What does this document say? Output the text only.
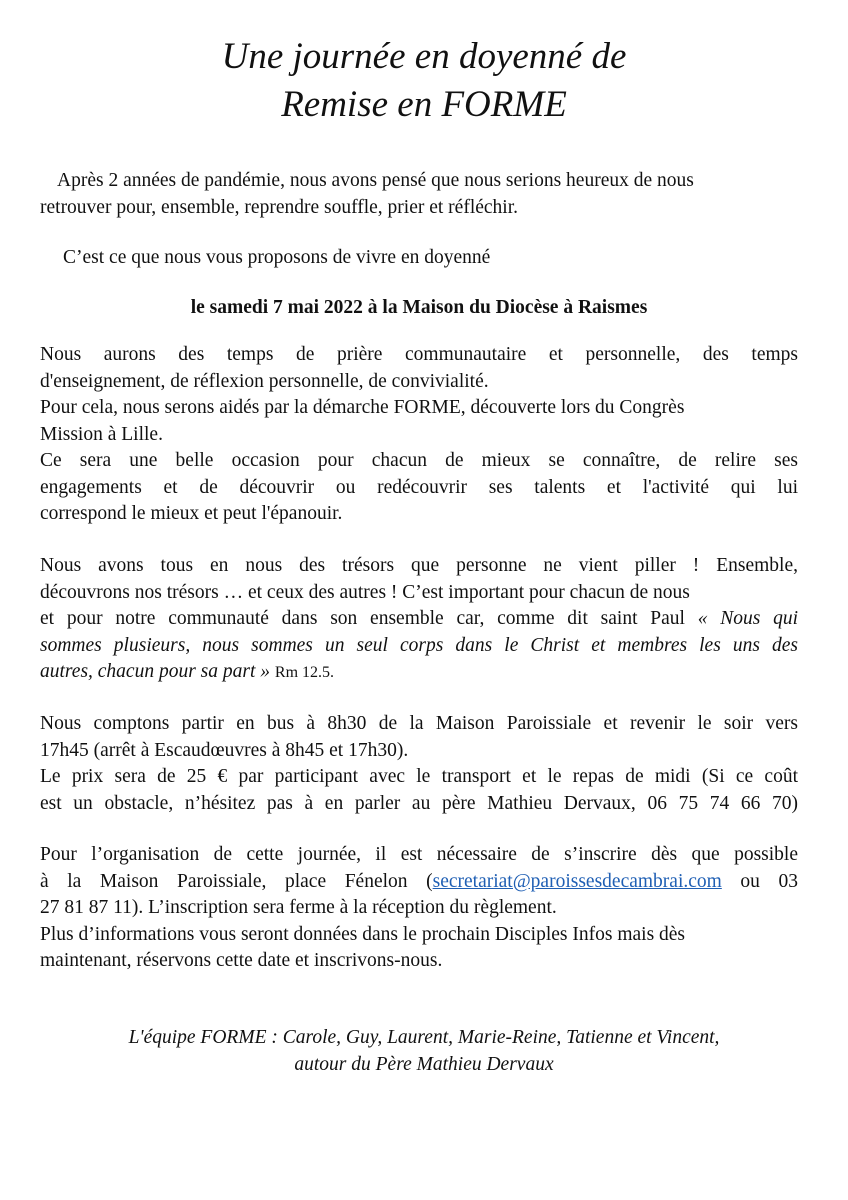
Une journée en doyenné de
Remise en FORME
Après 2 années de pandémie, nous avons pensé que nous serions heureux de nous
retrouver pour, ensemble, reprendre souffle, prier et réfléchir.
C’est ce que nous vous proposons de vivre en doyenné
le samedi 7 mai 2022 à la Maison du Diocèse à Raismes
Nous aurons des temps de prière communautaire et personnelle, des temps
d'enseignement, de réflexion personnelle, de convivialité.
Pour cela, nous serons aidés par la démarche FORME, découverte lors du Congrès
Mission à Lille.
Ce sera une belle occasion pour chacun de mieux se connaître, de relire ses
engagements et de découvrir ou redécouvrir ses talents et l'activité qui lui
correspond le mieux et peut l'épanouir.
Nous avons tous en nous des trésors que personne ne vient piller ! Ensemble,
découvrons nos trésors … et ceux des autres ! C’est important pour chacun de nous
et pour notre communauté dans son ensemble car, comme dit saint Paul « Nous qui
sommes plusieurs, nous sommes un seul corps dans le Christ et membres les uns des
autres, chacun pour sa part » Rm 12.5.
Nous comptons partir en bus à 8h30 de la Maison Paroissiale et revenir le soir vers
17h45 (arrêt à Escaudœuvres à 8h45 et 17h30).
Le prix sera de 25 € par participant avec le transport et le repas de midi (Si ce coût
est un obstacle, n’hésitez pas à en parler au père Mathieu Dervaux, 06 75 74 66 70)
Pour l’organisation de cette journée, il est nécessaire de s’inscrire dès que possible
à la Maison Paroissiale, place Fénelon (secretariat@paroissesdecambrai.com ou 03
27 81 87 11). L’inscription sera ferme à la réception du règlement.
Plus d’informations vous seront données dans le prochain Disciples Infos mais dès
maintenant, réservons cette date et inscrivons-nous.
L'équipe FORME : Carole, Guy, Laurent, Marie-Reine, Tatienne et Vincent,
autour du Père Mathieu Dervaux
